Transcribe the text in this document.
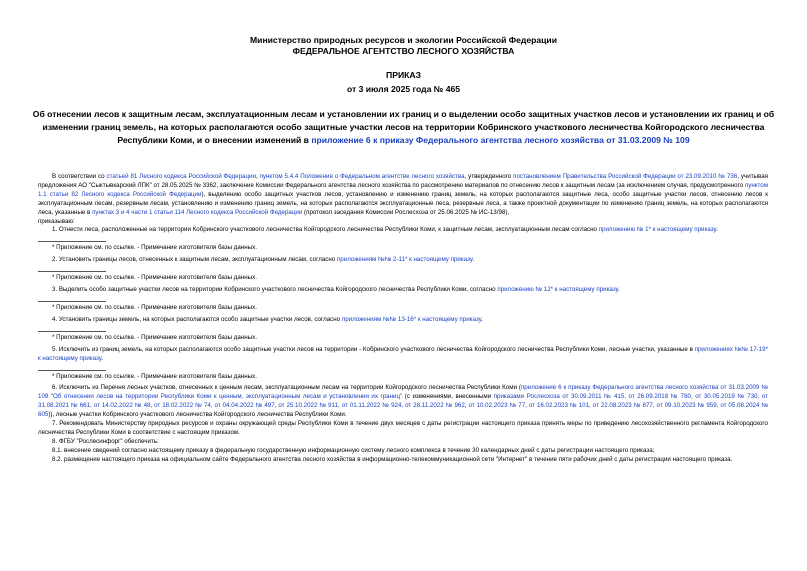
Министерство природных ресурсов и экологии Российской Федерации
ФЕДЕРАЛЬНОЕ АГЕНТСТВО ЛЕСНОГО ХОЗЯЙСТВА
ПРИКАЗ
от 3 июля 2025 года № 465
Об отнесении лесов к защитным лесам, эксплуатационным лесам и установлении их границ и о выделении особо защитных участков лесов и установлении их границ и об изменении границ земель, на которых располагаются особо защитные участки лесов на территории Кобринского участкового лесничества Койгородского лесничества Республики Коми, и о внесении изменений в приложение 6 к приказу Федерального агентства лесного хозяйства от 31.03.2009 № 109

В соответствии со статьей 81 Лесного кодекса Российской Федерации, пунктом 5.4.4 Положения о Федеральном агентстве лесного хозяйства, утвержденного постановлением Правительства Российской Федерации от 23.09.2010 № 736, учитывая предложения АО "Сыктывкарский ЛПК" от 28.05.2025 № 3362, заключение Комиссии Федерального агентства лесного хозяйства по рассмотрению материалов по отнесению лесов к защитным лесам (за исключением случая, предусмотренного пунктом 1.1 статьи 82 Лесного кодекса Российской Федерации), выделению особо защитных участков лесов, установлению и изменению границ земель, на которых располагаются защитные леса, особо защитные участки лесов, отнесению лесов к эксплуатационным лесам, резервным лесам, установлению и изменению границ земель, на которых располагаются эксплуатационные леса, резервные леса, а также проектной документации по изменению границ земель, на которых располагаются леса, указанные в пунктах 3 и 4 части 1 статьи 114 Лесного кодекса Российской Федерации (протокол заседания Комиссии Рослесхоза от 25.06.2025 № ИС-13/98),

приказываю:

1. Отнести леса, расположенные на территории Кобринского участкового лесничества Койгородского лесничества Республики Коми, к защитным лесам, эксплуатационным лесам согласно приложению № 1* к настоящему приказу.

* Приложение см. по ссылке. - Примечание изготовителя базы данных.

2. Установить границы лесов, отнесенных к защитным лесам, эксплуатационным лесам, согласно приложениям №№ 2-11* к настоящему приказу.

* Приложение см. по ссылке. - Примечание изготовителя базы данных.

3. Выделить особо защитные участки лесов на территории Кобринского участкового лесничества Койгородского лесничества Республики Коми, согласно приложению № 12* к настоящему приказу.

* Приложение см. по ссылке. - Примечание изготовителя базы данных.

4. Установить границы земель, на которых располагаются особо защитные участки лесов, согласно приложениям №№ 13-16* к настоящему приказу.

* Приложение см. по ссылке. - Примечание изготовителя базы данных.

5. Исключить из границ земель, на которых располагаются особо защитные участки лесов на территории - Кобринского участкового лесничества Койгородского лесничества Республики Коми, лесные участки, указанные в приложениях №№ 17-19* к настоящему приказу.

* Приложение см. по ссылке. - Примечание изготовителя базы данных.

6. Исключить из Перечня лесных участков, отнесенных к ценным лесам, эксплуатационным лесам на территории Койгородского лесничества Республики Коми (приложение 6 к приказу Федерального агентства лесного хозяйства от 31.03.2009 № 109 "Об отнесении лесов на территории Республики Коми к ценным, эксплуатационным лесам и установлении их границ" (с изменениями, внесенными приказами Рослесхоза от 30.09.2011 № 415, от 26.09.2018 № 780, от 30.05.2019 № 730, от 31.08.2021 № 661, от 14.02.2022 № 48, от 18.02.2022 № 74, от 04.04.2022 № 497, от 25.10.2022 № 911, от 01.11.2022 № 924, от 28.11.2022 № 962, от 10.02.2023 № 77, от 16.02.2023 № 101, от 22.08.2023 № 877, от 09.10.2023 № 959, от 05.08.2024 № 605)), лесные участки Кобринского участкового лесничества Койгородского лесничества Республики Коми.

7. Рекомендовать Министерству природных ресурсов и охраны окружающей среды Республики Коми в течение двух месяцев с даты регистрации настоящего приказа принять меры по приведению лесохозяйственного регламента Койгородского лесничества Республики Коми в соответствие с настоящим приказом.

8. ФГБУ "Рослесинфорг" обеспечить:

8.1. внесение сведений согласно настоящему приказу в федеральную государственную информационную систему лесного комплекса в течение 30 календарных дней с даты регистрации настоящего приказа;

8.2. размещение настоящего приказа на официальном сайте Федерального агентства лесного хозяйства в информационно-телекоммуникационной сети "Интернет" в течение пяти рабочих дней с даты регистрации настоящего приказа.
